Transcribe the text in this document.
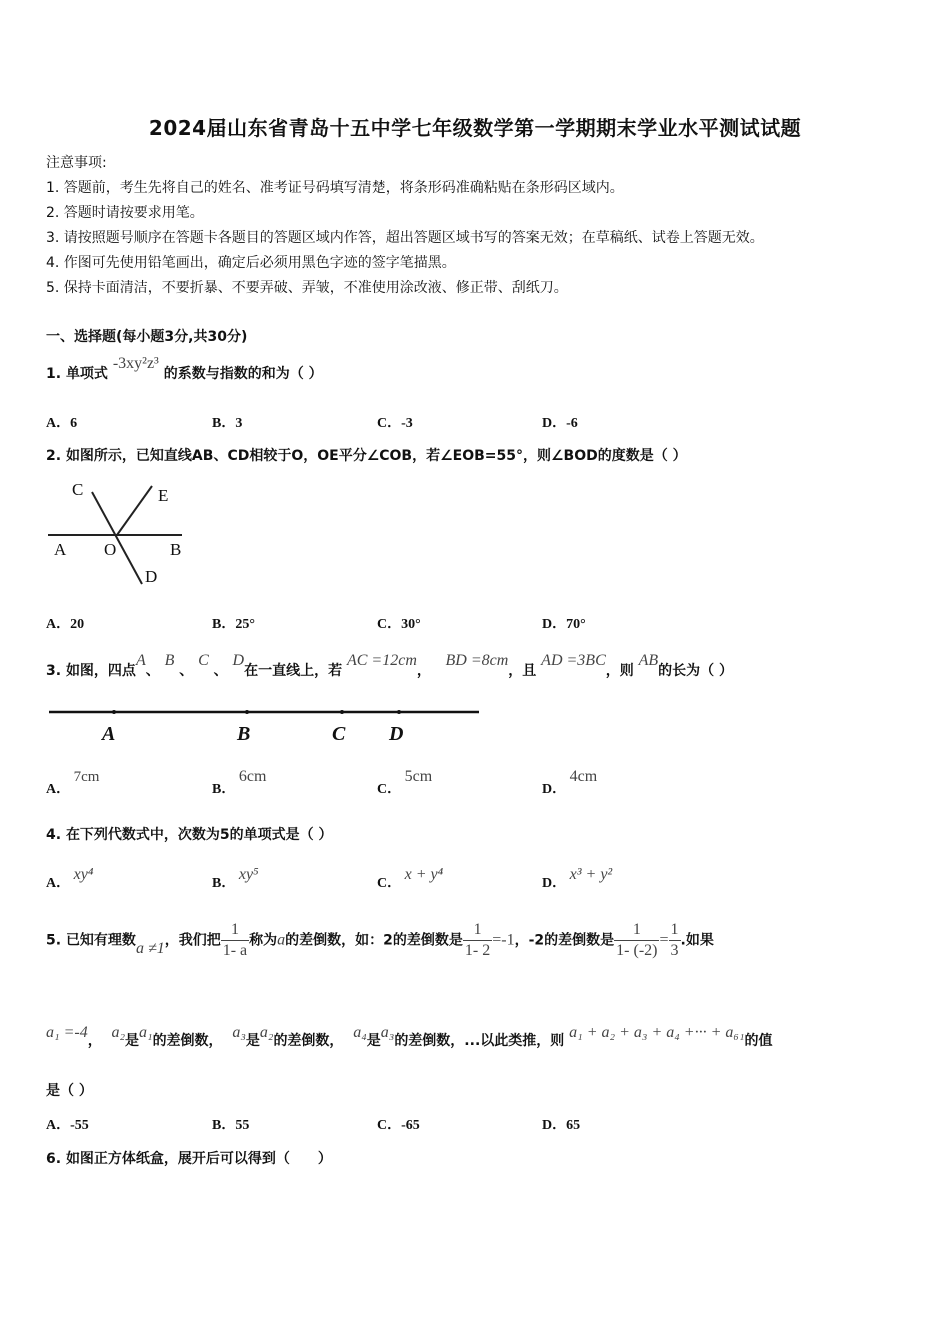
2024届山东省青岛十五中学七年级数学第一学期期末学业水平测试试题
注意事项:
1. 答题前，考生先将自己的姓名、准考证号码填写清楚，将条形码准确粘贴在条形码区域内。
2. 答题时请按要求用笔。
3. 请按照题号顺序在答题卡各题目的答题区域内作答，超出答题区域书写的答案无效；在草稿纸、试卷上答题无效。
4. 作图可先使用铅笔画出，确定后必须用黑色字迹的签字笔描黑。
5. 保持卡面清洁，不要折暴、不要弄破、弄皱，不准使用涂改液、修正带、刮纸刀。
一、选择题(每小题3分,共30分)
1. 单项式 -3xy²z³ 的系数与指数的和为（ ）
A．6	B．3	C．-3	D．-6
2. 如图所示，已知直线AB、CD相较于O，OE平分∠COB，若∠EOB=55°，则∠BOD的度数是（ ）
C	E
A O	B
D
A．20	B．25°	C．30°	D．70°
3. 如图，四点A、 B 、 C 、 D在一直线上，若 AC =12cm，   BD =8cm，且 AD =3BC，则 AB的长为（ ）
A	B	C D
A． 7cm
B． 6cm
C． 5cm
D． 4cm
4. 在下列代数式中，次数为5的单项式是（ ）
A． xy⁴
B． xy⁵
C． x + y⁴
D． x³ + y²
5. 已知有理数a ≠1，我们把 $\frac{1}{1- a}$ 称为a的差倒数，如：2的差倒数是 $\frac{1}{1- 2} =-1$，-2的差倒数是 $\frac{1}{1- (-2)} = \frac{1}{3}$ .如果
a₁ =-4， a₂是a₁的差倒数， a₃是a₂的差倒数， a₄是a₃的差倒数，...以此类推，则 a₁ + a₂ + a₃ + a₄ +··· + a₆₁的值
是（ ）
A．-55	B．55	C．-65	D．65
6. 如图正方体纸盒，展开后可以得到（　　）
